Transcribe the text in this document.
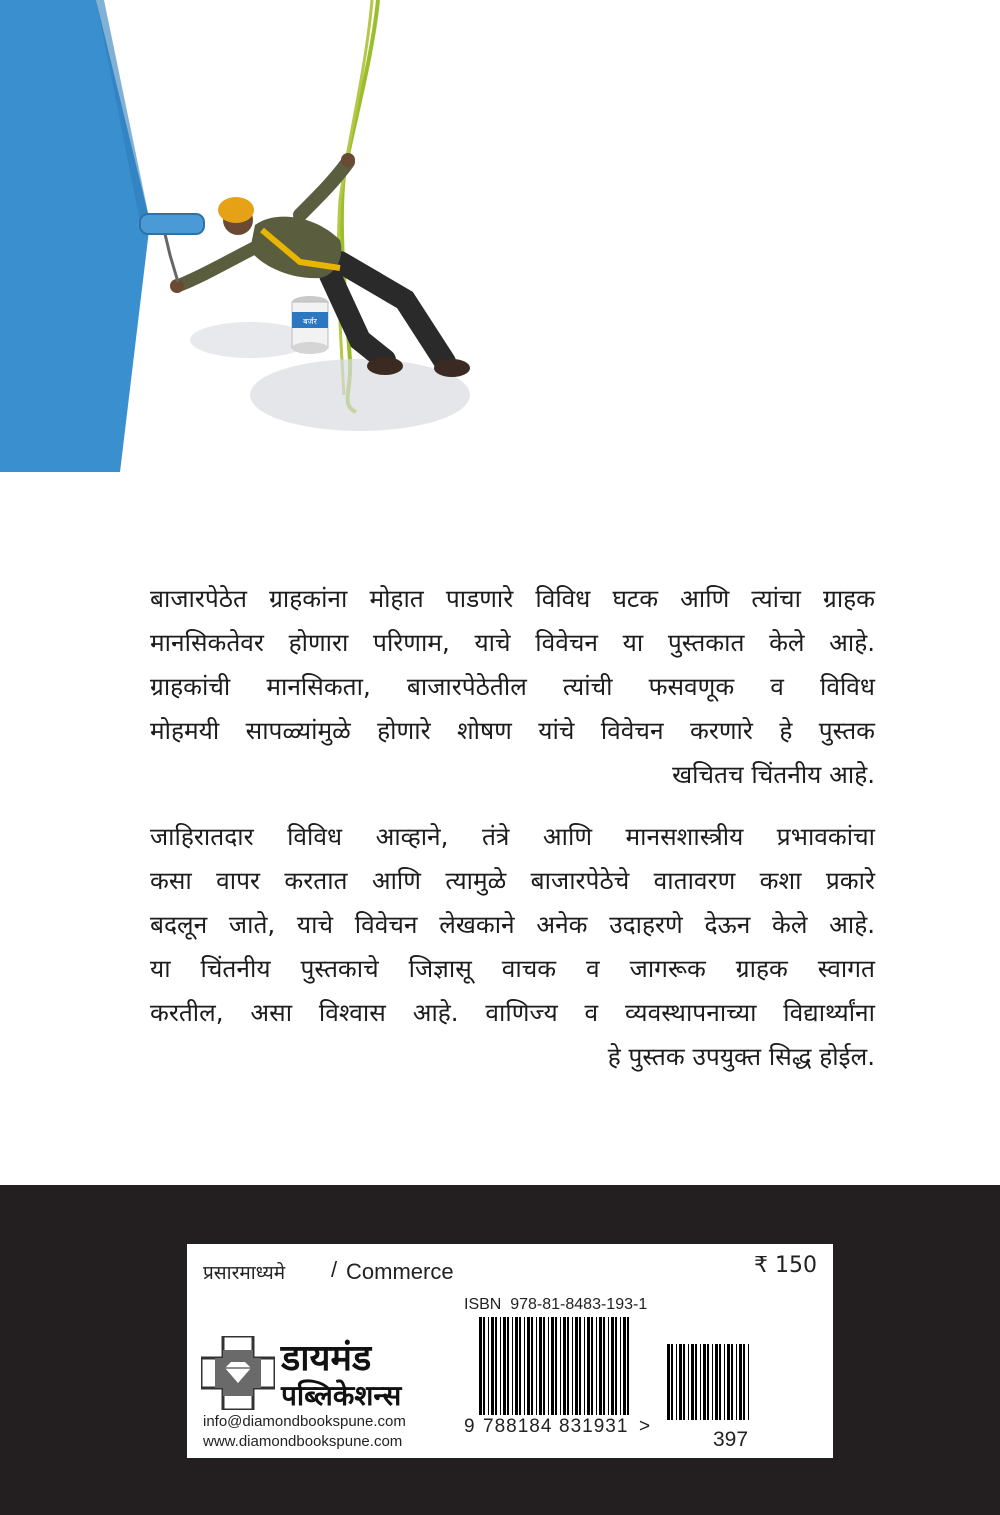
बर्जर
बाजारपेठेत ग्राहकांना मोहात पाडणारे विविध घटक आणि त्यांचा ग्राहक
मानसिकतेवर होणारा परिणाम, याचे विवेचन या पुस्तकात केले आहे.
ग्राहकांची मानसिकता, बाजारपेठेतील त्यांची फसवणूक व विविध
मोहमयी सापळ्यांमुळे होणारे शोषण यांचे विवेचन करणारे हे पुस्तक
खचितच चिंतनीय आहे.
जाहिरातदार विविध आव्हाने, तंत्रे आणि मानसशास्त्रीय प्रभावकांचा
कसा वापर करतात आणि त्यामुळे बाजारपेठेचे वातावरण कशा प्रकारे
बदलून जाते, याचे विवेचन लेखकाने अनेक उदाहरणे देऊन केले आहे.
या चिंतनीय पुस्तकाचे जिज्ञासू वाचक व जागरूक ग्राहक स्वागत
करतील, असा विश्वास आहे. वाणिज्य व व्यवस्थापनाच्या विद्यार्थ्यांना
हे पुस्तक उपयुक्त सिद्ध होईल.
प्रसारमाध्यमे / Commerce	₹ 150
ISBN  978-81-8483-193-1
डायमंड
पब्लिकेशन्स
info@diamondbookspune.com
www.diamondbookspune.com
9 788184 831931 >
397
